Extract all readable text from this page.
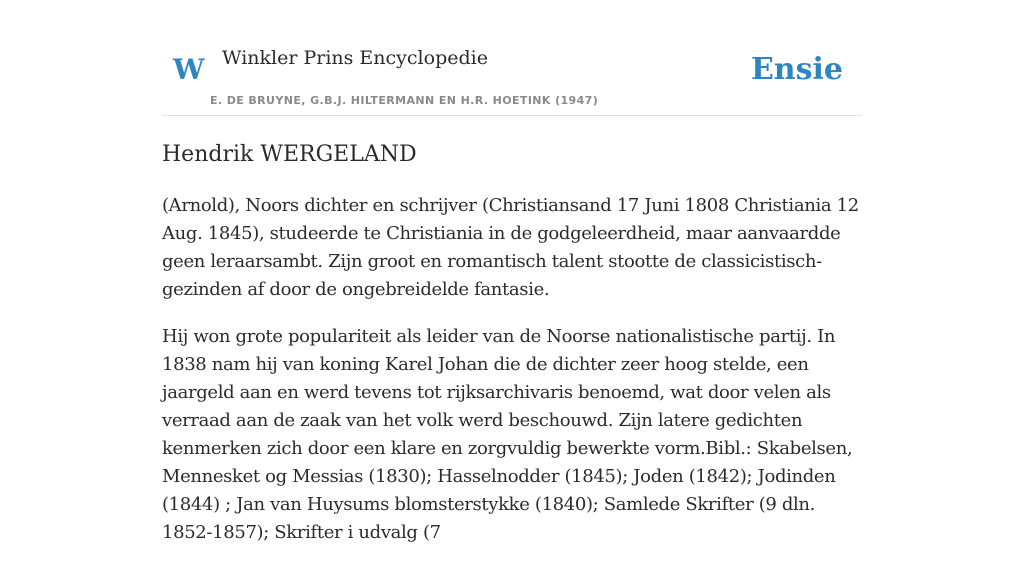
W Winkler Prins Encyclopedie
E. DE BRUYNE, G.B.J. HILTERMANN EN H.R. HOETINK (1947)
Ensie
Hendrik WERGELAND

(Arnold), Noors dichter en schrijver (Christiansand 17 Juni 1808 Christiania 12 Aug. 1845), studeerde te Christiania in de godgeleerdheid, maar aanvaardde geen leraarsambt. Zijn groot en romantisch talent stootte de classicistisch-gezinden af door de ongebreidelde fantasie.

Hij won grote populariteit als leider van de Noorse nationalistische partij. In 1838 nam hij van koning Karel Johan die de dichter zeer hoog stelde, een jaargeld aan en werd tevens tot rijksarchivaris benoemd, wat door velen als verraad aan de zaak van het volk werd beschouwd. Zijn latere gedichten kenmerken zich door een klare en zorgvuldig bewerkte vorm.Bibl.: Skabelsen, Mennesket og Messias (1830); Hasselnodder (1845); Joden (1842); Jodinden (1844) ; Jan van Huysums blomsterstykke (1840); Samlede Skrifter (9 dln. 1852-1857); Skrifter i udvalg (7
